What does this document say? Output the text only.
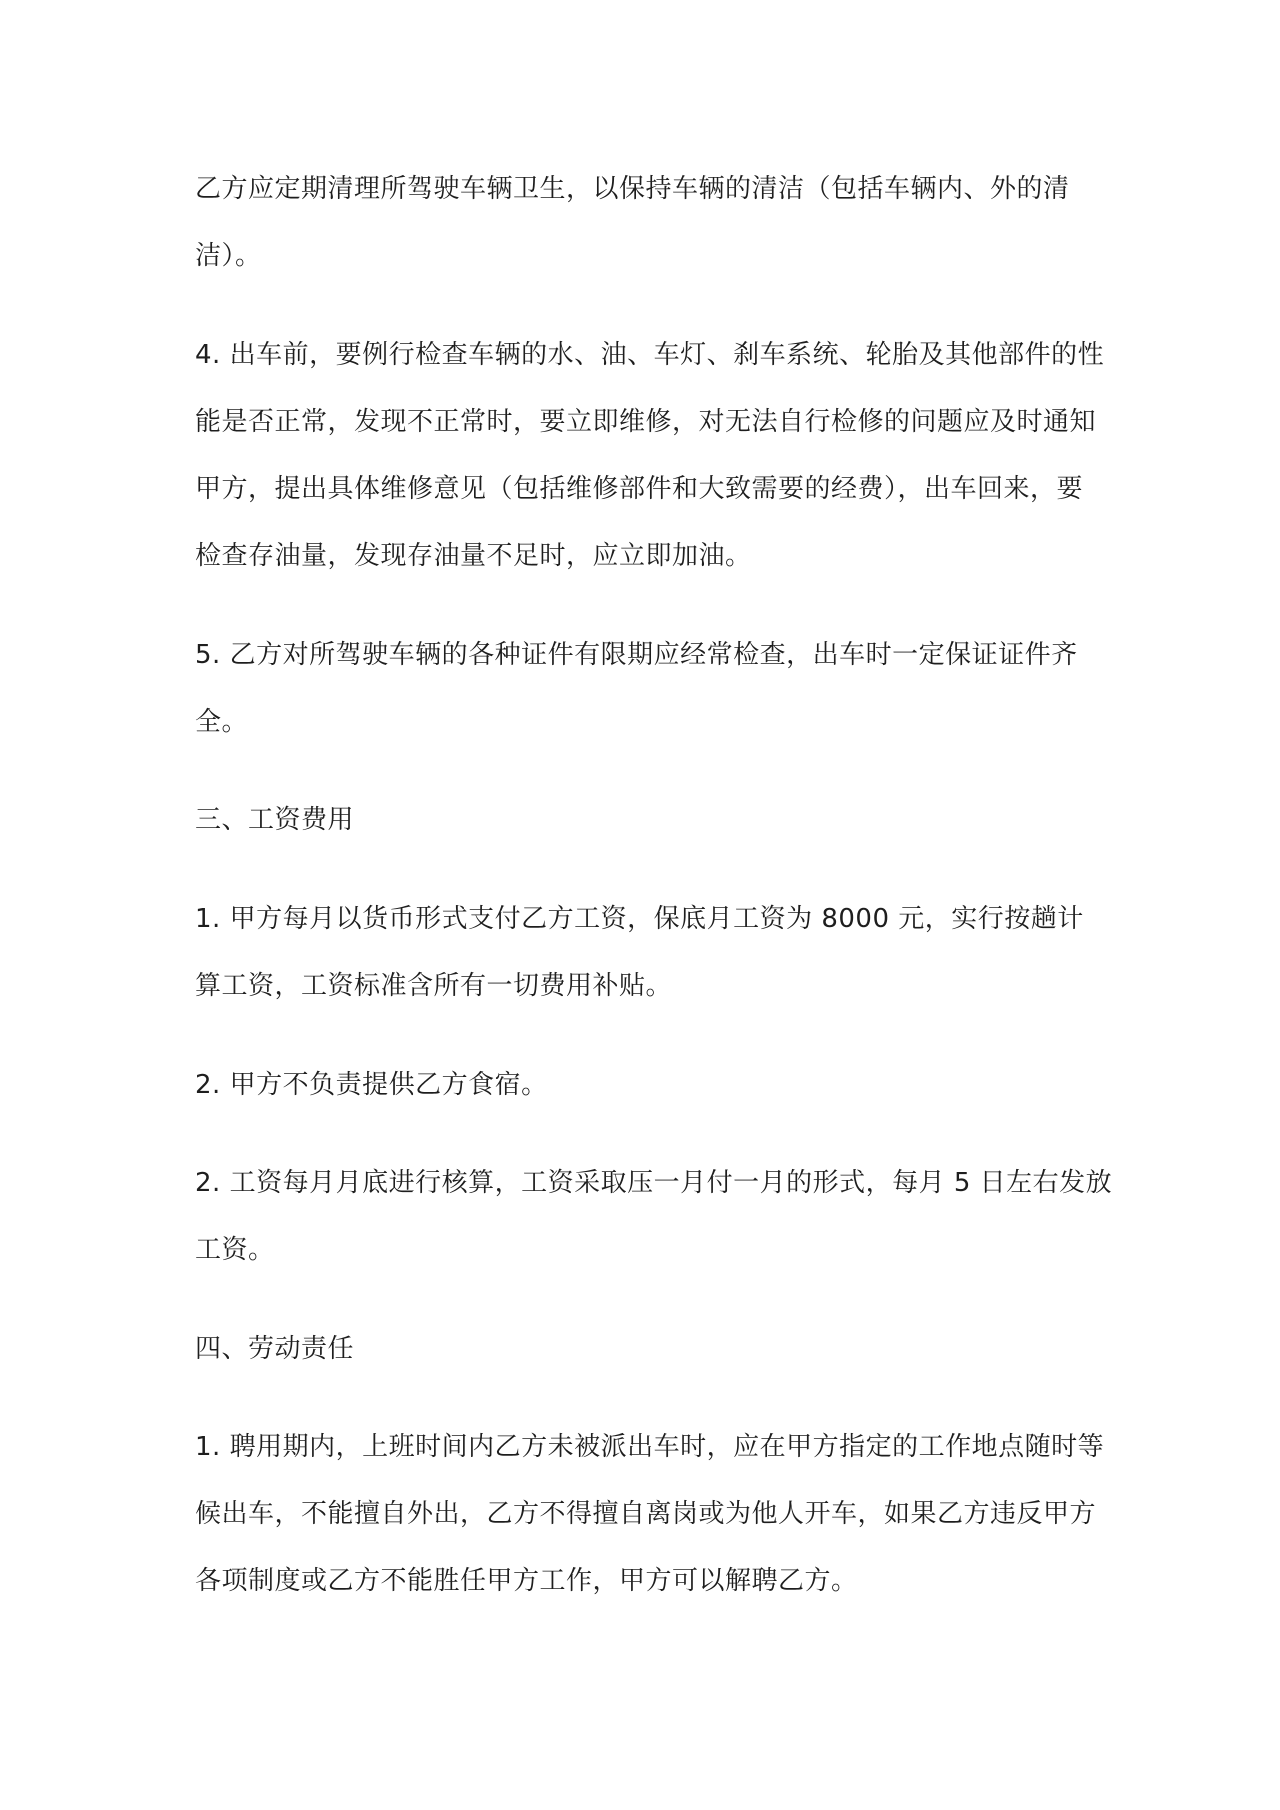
乙方应定期清理所驾驶车辆卫生，以保持车辆的清洁（包括车辆内、外的清
洁）。

4. 出车前，要例行检查车辆的水、油、车灯、刹车系统、轮胎及其他部件的性
能是否正常，发现不正常时，要立即维修，对无法自行检修的问题应及时通知
甲方，提出具体维修意见（包括维修部件和大致需要的经费），出车回来，要
检查存油量，发现存油量不足时，应立即加油。

5. 乙方对所驾驶车辆的各种证件有限期应经常检查，出车时一定保证证件齐
全。

三、工资费用

1. 甲方每月以货币形式支付乙方工资，保底月工资为 8000 元，实行按趟计
算工资，工资标准含所有一切费用补贴。

2. 甲方不负责提供乙方食宿。

2. 工资每月月底进行核算，工资采取压一月付一月的形式，每月 5 日左右发放
工资。

四、劳动责任

1. 聘用期内，上班时间内乙方未被派出车时，应在甲方指定的工作地点随时等
候出车，不能擅自外出，乙方不得擅自离岗或为他人开车，如果乙方违反甲方
各项制度或乙方不能胜任甲方工作，甲方可以解聘乙方。
